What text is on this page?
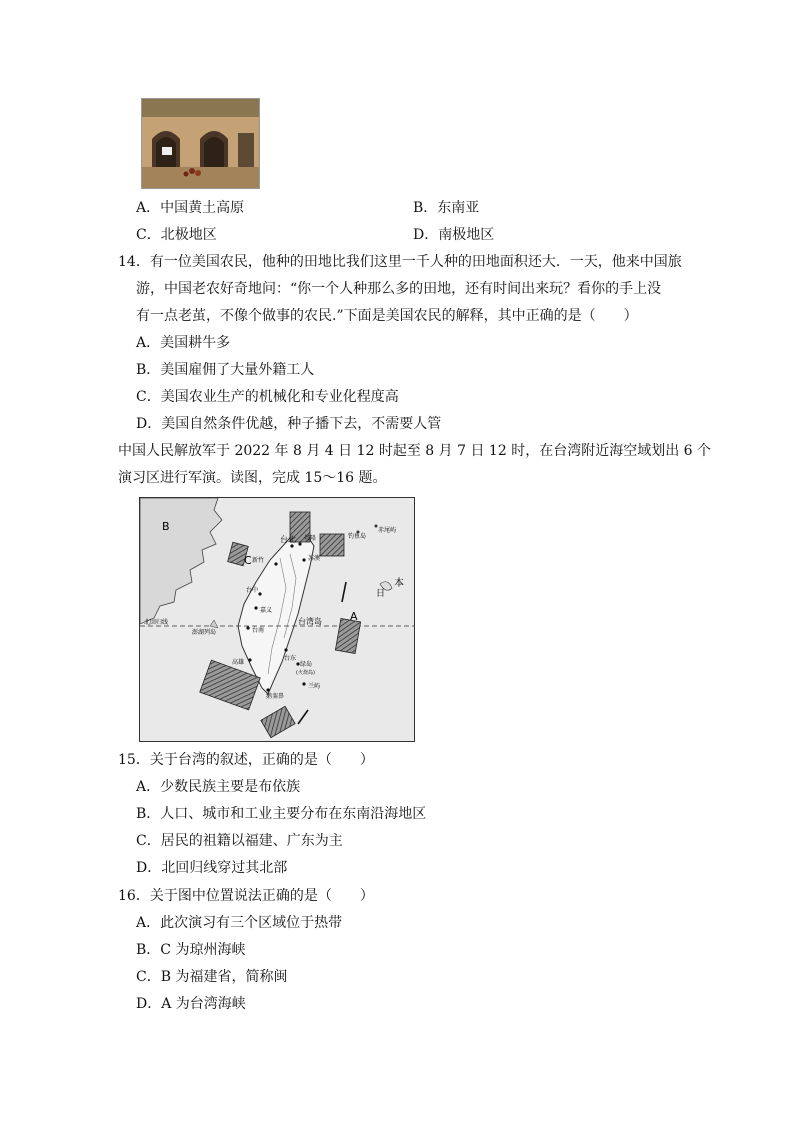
A．中国黄土高原	B．东南亚
C．北极地区	D．南极地区
14．有一位美国农民，他种的田地比我们这里一千人种的田地面积还大．一天，他来中国旅
游，中国老农好奇地问：“你一个人种那么多的田地，还有时间出来玩？看你的手上没
有一点老茧，不像个做事的农民.”下面是美国农民的解释，其中正确的是（　　）
A．美国耕牛多
B．美国雇佣了大量外籍工人
C．美国农业生产的机械化和专业化程度高
D．美国自然条件优越，种子播下去，不需要人管
中国人民解放军于 2022 年 8 月 4 日 12 时起至 8 月 7 日 12 时，在台湾附近海空域划出 6 个
演习区进行军演。读图，完成 15～16 题。
B
C
A
台北 基隆
苏澳
新竹
台中
嘉义
台南
高雄
台东
绿岛
(火烧岛)
兰屿
鹅銮鼻
钓鱼岛
赤尾屿
澎湖列岛
台湾岛
北回归线
本
日
15．关于台湾的叙述，正确的是（　　）
A．少数民族主要是布依族
B．人口、城市和工业主要分布在东南沿海地区
C．居民的祖籍以福建、广东为主
D．北回归线穿过其北部
16．关于图中位置说法正确的是（　　）
A．此次演习有三个区域位于热带
B．C 为琼州海峡
C．B 为福建省，简称闽
D．A 为台湾海峡
